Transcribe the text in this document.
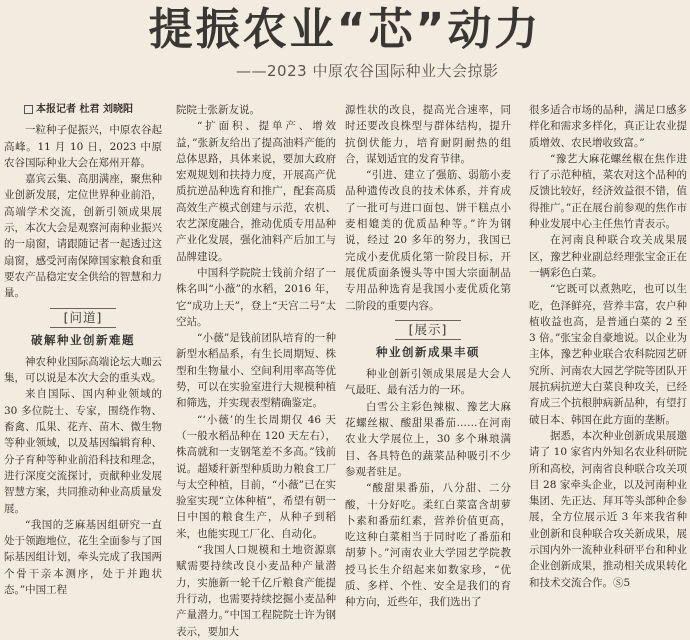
提振农业“芯”动力
——2023 中原农谷国际种业大会掠影

本报记者 杜君 刘晓阳

一粒种子促振兴，中原农谷起高峰。11 月 10 日，2023 中原农谷国际种业大会在郑州开幕。

嘉宾云集、高朋满座，聚焦种业创新发展，定位世界种业前沿，高端学术交流，创新引领成果展示，本次大会是观察河南种业振兴的一扇窗，请跟随记者一起透过这扇窗，感受河南保障国家粮食和重要农产品稳定安全供给的智慧和力量。

[问道]
破解种业创新难题

神农种业国际高端论坛大咖云集，可以说是本次大会的重头戏。

来自国际、国内种业领域的 30 多位院士、专家，围绕作物、畜禽、瓜果、花卉、苗木、微生物等种业领域，以及基因编辑育种、分子育种等种业前沿科技和理念，进行深度交流探讨，贡献种业发展智慧方案，共同推动种业高质量发展。

“我国的芝麻基因组研究一直处于领跑地位，花生全面参与了国际基因组计划，牵头完成了我国两个骨干亲本测序，处于并跑状态。”中国工程

院院士张新友说。

“扩面积、提单产、增效益，”张新友给出了提高油料产能的总体思路，具体来说，要加大政府宏观规划和扶持力度，开展高产优质抗逆品种选育和推广，配套高质高效生产模式创建与示范，农机、农艺深度融合，推动优质专用品种产业化发展，强化油料产后加工与品牌建设。

中国科学院院士钱前介绍了一株名叫“小薇”的水稻，2016 年，它“成功上天”，登上“天宫二号”太空站。

“小薇”是钱前团队培育的一种新型水稻品系，有生长周期短、株型和生物量小、空间利用率高等优势，可以在实验室进行大规模种植和筛选，并实现表型精确鉴定。

“‘小薇’的生长周期仅 46 天（一般水稻品种在 120 天左右），株高就和一支钢笔差不多高。”钱前说。超矮秆新型种质助力粮食工厂与太空种植，目前，“小薇”已在实验室实现“立体种植”，希望有朝一日中国的粮食生产，从种子到稻米，也能实现工厂化、自动化。

“我国人口规模和土地资源禀赋需要持续改良小麦品种产量潜力，实施新一轮千亿斤粮食产能提升行动，也需要持续挖掘小麦品种产量潜力。”中国工程院院士许为钢表示，要加大

源性状的改良，提高光合速率，同时还要改良株型与群体结构，提升抗倒伏能力，培育耐阴耐热的组合，谋划适宜的发育节律。

“引进、建立了强筋、弱筋小麦品种遗传改良的技术体系，并育成了一批可与进口面包、饼干糕点小麦相媲美的优质品种等。”许为钢说，经过 20 多年的努力，我国已完成小麦优质化第一阶段目标，开展优质面条馒头等中国大宗面制品专用品种选育是我国小麦优质化第二阶段的重要内容。

[展示]
种业创新成果丰硕

种业创新引领成果展是大会人气最旺、最有活力的一环。

白雪公主彩色辣椒、豫艺大麻花螺丝椒、酸甜果番茄……在河南农业大学展位上，30 多个琳琅满目、各具特色的蔬菜品种吸引不少参观者驻足。

“酸甜果番茄，八分甜、二分酸，十分好吃。柔红白菜富含胡萝卜素和番茄红素，营养价值更高，吃这种白菜相当于同时吃了番茄和胡萝卜。”河南农业大学园艺学院教授马长生介绍起来如数家珍，“优质、多样、个性、安全是我们的育种方向，近些年，我们选出了

很多适合市场的品种，满足口感多样化和需求多样化，真正让农业提质增效、农民增收致富。”

“豫艺大麻花螺丝椒在焦作进行了示范种植，菜农对这个品种的反馈比较好，经济效益很不错，值得推广。”正在展台前参观的焦作市种业发展中心主任焦竹青表示。

在河南良种联合攻关成果展区，豫艺种业副总经理张宝金正在一辆彩色白菜。

“它既可以煮熟吃，也可以生吃，色泽鲜亮，营养丰富，农户种植收益也高，是普通白菜的 2 至 3 倍。”张宝金自豪地说。以企业为主体，豫艺种业联合农科院园艺研究所、河南农大园艺学院等团队开展抗病抗逆大白菜良种攻关，已经育成三个抗根肿病新品种，有望打破日本、韩国在此方面的垄断。

据悉，本次种业创新成果展邀请了 10 家省内外知名农业科研院所和高校，河南省良种联合攻关项目 28 家牵头企业，以及河南种业集团、先正达、拜耳等头部种企参展，全方位展示近 3 年来我省种业创新和良种联合攻关新成果，展示国内外一流种业科研平台和种业企业创新成果，推动相关成果转化和技术交流合作。Ⓢ5
